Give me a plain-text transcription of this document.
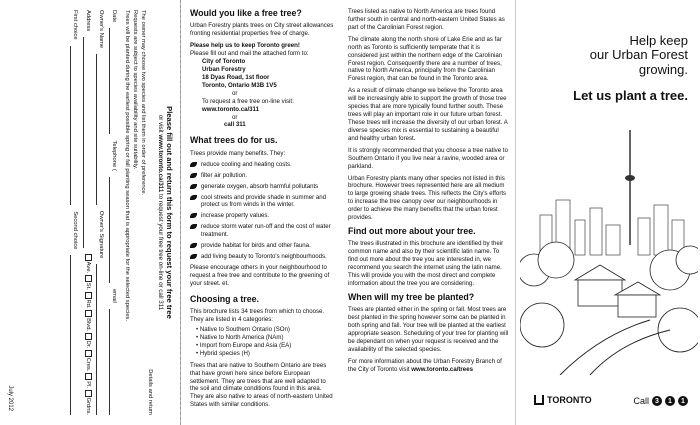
Please fill out and return this form to request your free tree
or visit www.toronto.ca/311 to request your free tree on-line or call 311
Details and return
The owner may choose two species and list them in order of preference.
Requests are subject to species availability and site suitability.
Trees will be planted during the earliest possible spring or fall planting season that is appropriate for the selected species.
Date
Telephone (
email
Owner's Name
Owner's Signature
Address
Ave. St. Rd. Blvd. Dr. Cres. Pl. Grdns.
First choice
Second choice
July 2012
Would you like a free tree?

Urban Forestry plants trees on City street allowances fronting residential properties free of charge.

Please help us to keep Toronto green!
Please fill out and mail the attached form to:
City of Toronto
Urban Forestry
18 Dyas Road, 1st floor
Toronto, Ontario M3B 1V5
or
To request a free tree on-line visit:
www.toronto.ca/311
or
call 311
What trees do for us.
Trees provide many benefits. They:
reduce cooling and heating costs.
filter air pollution.
generate oxygen, absorb harmful pollutants
cool streets and provide shade in summer and protect us from winds in the winter.
increase property values.
reduce storm water run-off and the cost of water treatment.
provide habitat for birds and other fauna.
add living beauty to Toronto's neighbourhoods.

Please encourage others in your neighbourhood to request a free tree and contribute to the greening of your street. et.

Choosing a tree.
This brochure lists 34 trees from which to choose. They are listed in 4 categories:
• Native to Southern Ontario (SOn)
• Native to North America (NAm)
• Import from Europe and Asia (EA)
• Hybrid species (H)

Trees that are native to Southern Ontario are trees that have grown here since before European settlement. They are trees that are well adapted to the soil and climate conditions found in this area. They are also native to areas of north-eastern United States with similar conditions.

Trees listed as native to North America are trees found further south in central and north-eastern United States as part of the Carolinian Forest region.

The climate along the north shore of Lake Erie and as far north as Toronto is sufficiently temperate that it is considered just within the northern edge of the Carolinian Forest region. Consequently there are a number of trees, native to North America, principally from the Carolinian Forest region, that can be found in the Toronto area.

As a result of climate change we believe the Toronto area will be increasingly able to support the growth of those tree species that are more typically found further south. These trees will play an important role in our future urban forest. These trees will increase the diversity of our urban forest. A diverse species mix is essential to sustaining a beautiful and healthy urban forest.

It is strongly recommended that you choose a tree native to Southern Ontario if you live near a ravine, wooded area or parkland.

Urban Forestry plants many other species not listed in this brochure. However trees represented here are all medium to large growing shade trees. This reflects the City's efforts to increase the tree canopy over our neighbourhoods in order to achieve the many benefits that the urban forest provides.

Find out more about your tree.

The trees illustrated in this brochure are identified by their common name and also by their scientific latin name. To find out more about the tree you are interested in, we recommend you search the internet using the latin name. This will provide you with the most direct and complete information about the tree you are considering.

When will my tree be planted?

Trees are planted either in the spring or fall. Most trees are best planted in the spring however some can be planted in both spring and fall. Your tree will be planted at the earliest appropriate season. Scheduling of your tree for planting will be dependant on when your request is received and the availability of the selected species.

For more information about the Urban Forestry Branch of the City of Toronto visit www.toronto.ca/trees

Help keep
our Urban Forest
growing.
Let us plant a tree.
TORONTO	Call 3	1	1
